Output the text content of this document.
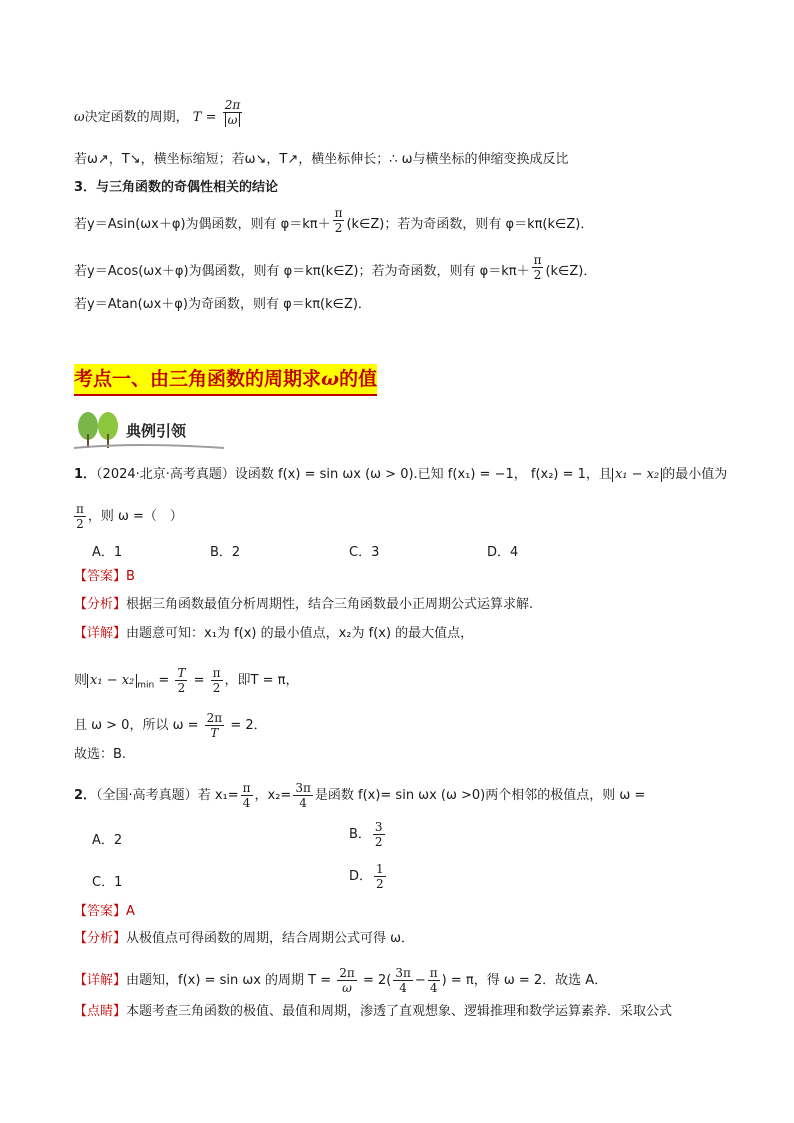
ω决定函数的周期， $T = \frac{2\pi}{\omega}$
若ω↗，T↘，横坐标缩短；若ω↘，T↗，横坐标伸长；∴ ω与横坐标的伸缩变换成反比
3．与三角函数的奇偶性相关的结论
若y＝Asin(ωx＋φ)为偶函数，则有 $\varphi=k\pi+ \frac{\pi}{2}$ (k∈Z)；若为奇函数，则有 φ＝kπ(k∈Z)．
若y＝Acos(ωx＋φ)为偶函数，则有 φ＝kπ(k∈Z)；若为奇函数，则有 $\varphi=k\pi+ \frac{\pi}{2}$ (k∈Z)．
若y＝Atan(ωx＋φ)为奇函数，则有 φ＝kπ(k∈Z)．
考点一、由三角函数的周期求ω的值
典例引领
1．（2024·北京·高考真题）设函数 f(x) = sin ωx (ω > 0).已知 f(x₁) = −1， f(x₂) = 1，且 x₁ − x₂ 的最小值为
$\frac{\pi}{2}$ ，则 ω =（　）
A．1	B．2	C．3	D．4
【答案】B
【分析】根据三角函数最值分析周期性，结合三角函数最小正周期公式运算求解.
【详解】由题意可知：x₁为 f(x) 的最小值点，x₂为 f(x) 的最大值点，
则 x₁ − x₂ $_{min} = \frac{T}{2} = \frac{\pi}{2}$ ，即T = π，
且 ω > 0，所以 $\omega = \frac{2\pi}{T} = 2$．
故选：B.
2．（全国·高考真题）若 $x_1= \frac{\pi}{4}$ ，$x_2= \frac{3\pi}{4}$ 是函数 f(x)= sin ωx (ω >0)两个相邻的极值点，则 ω =
A．2	B． $\frac{3}{2}$
C．1	D． $\frac{1}{2}$
【答案】A
【分析】从极值点可得函数的周期，结合周期公式可得 ω．
【详解】由题知，f(x) = sin ωx 的周期 $T = \frac{2\pi}{\omega} = 2( \frac{3\pi}{4} - \frac{\pi}{4}$ ) = π，得 ω = 2．故选 A．
【点睛】本题考查三角函数的极值、最值和周期，渗透了直观想象、逻辑推理和数学运算素养．采取公式
